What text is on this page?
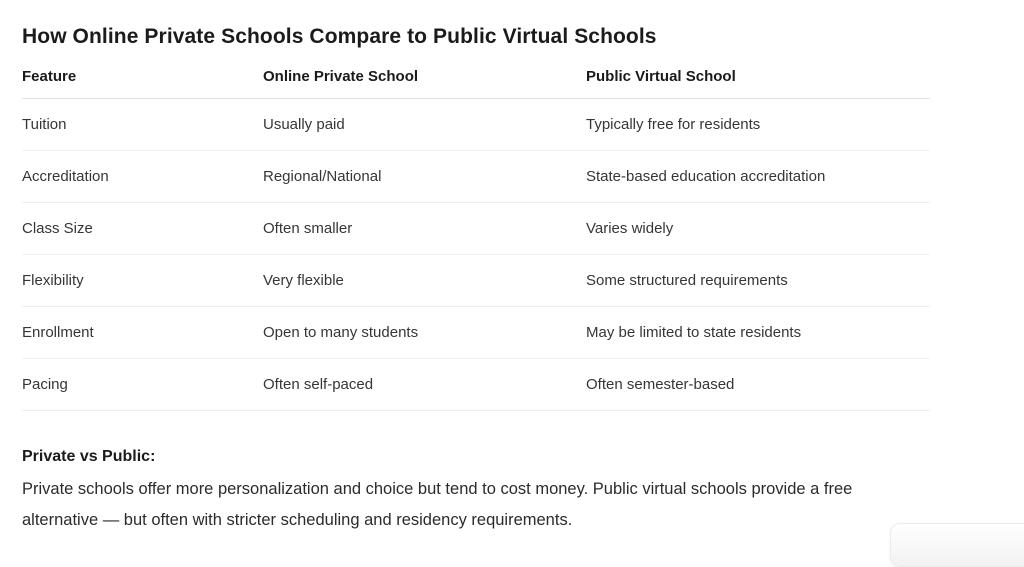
How Online Private Schools Compare to Public Virtual Schools
Feature	Online Private School	Public Virtual School
Tuition	Usually paid	Typically free for residents
Accreditation	Regional/National	State-based education accreditation
Class Size	Often smaller	Varies widely
Flexibility	Very flexible	Some structured requirements
Enrollment	Open to many students	May be limited to state residents
Pacing	Often self-paced	Often semester-based
Private vs Public:
Private schools offer more personalization and choice but tend to cost money. Public virtual schools provide a free alternative — but often with stricter scheduling and residency requirements.
